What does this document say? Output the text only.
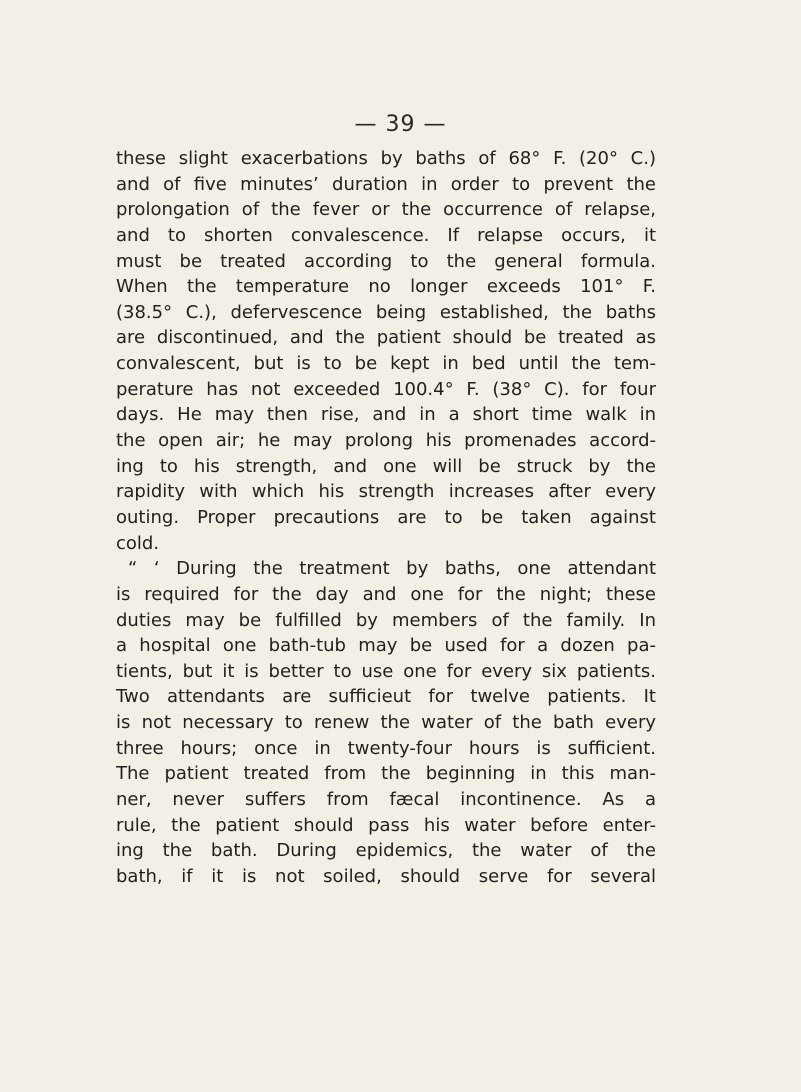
— 39 —
these slight exacerbations by baths of 68° F. (20° C.)
and of five minutes’ duration in order to prevent the
prolongation of the fever or the occurrence of relapse,
and to shorten convalescence. If relapse occurs, it
must be treated according to the general formula.
When the temperature no longer exceeds 101° F.
(38.5° C.), defervescence being established, the baths
are discontinued, and the patient should be treated as
convalescent, but is to be kept in bed until the tem-
perature has not exceeded 100.4° F. (38° C). for four
days. He may then rise, and in a short time walk in
the open air; he may prolong his promenades accord-
ing to his strength, and one will be struck by the
rapidity with which his strength increases after every
outing. Proper precautions are to be taken against
cold.
“ ‘ During the treatment by baths, one attendant
is required for the day and one for the night; these
duties may be fulfilled by members of the family. In
a hospital one bath-tub may be used for a dozen pa-
tients, but it is better to use one for every six patients.
Two attendants are sufficieut for twelve patients. It
is not necessary to renew the water of the bath every
three hours; once in twenty-four hours is sufficient.
The patient treated from the beginning in this man-
ner, never suffers from fæcal incontinence. As a
rule, the patient should pass his water before enter-
ing the bath. During epidemics, the water of the
bath, if it is not soiled, should serve for several
